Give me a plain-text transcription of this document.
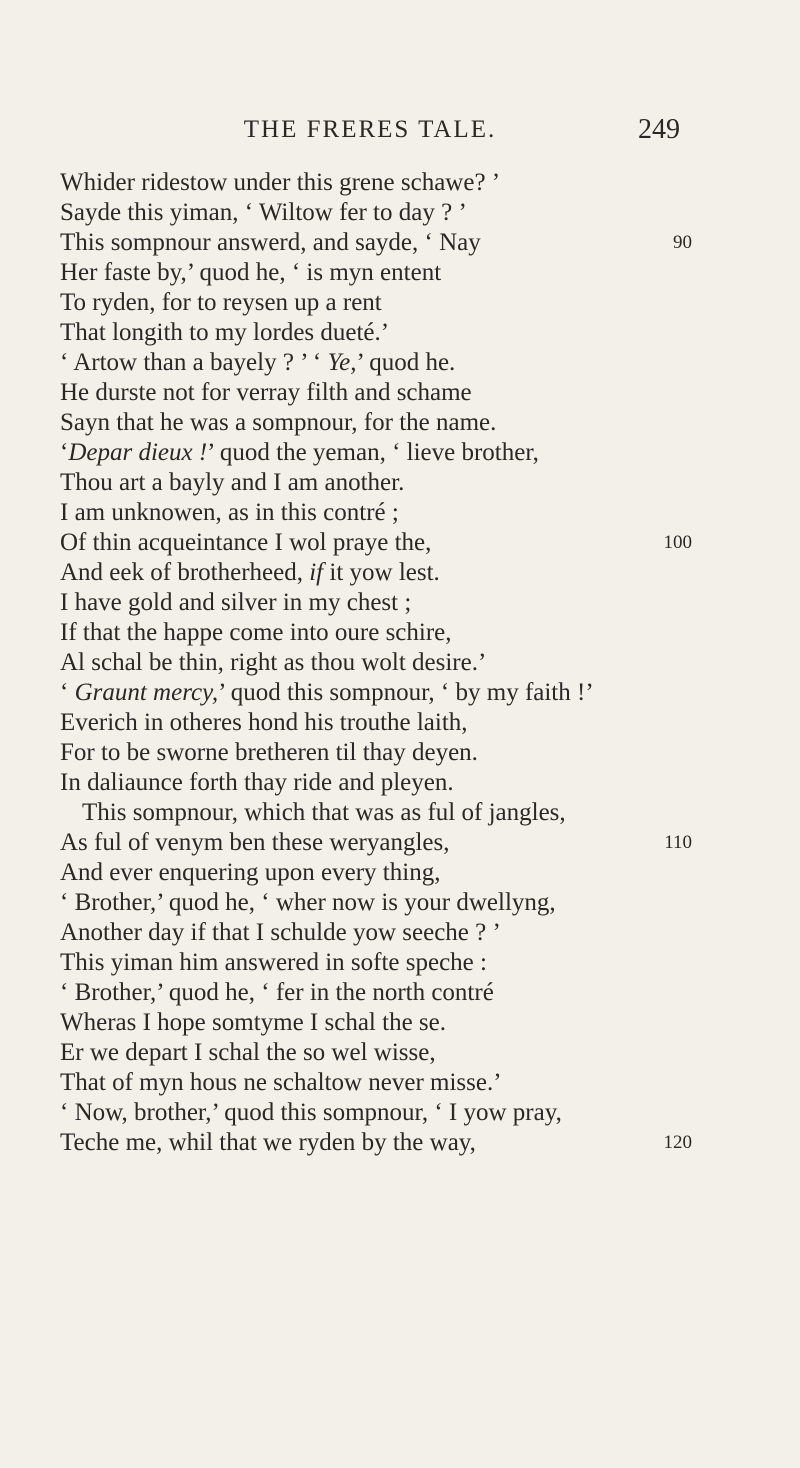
THE FRERES TALE.	249
Whider ridestow under this grene schawe? ’
Sayde this yiman, ‘ Wiltow fer to day ? ’
This sompnour answerd, and sayde, ‘ Nay	90
Her faste by,’ quod he, ‘ is myn entent
To ryden, for to reysen up a rent
That longith to my lordes dueté.’
‘ Artow than a bayely ? ’ ‘ Ye,’ quod he.
He durste not for verray filth and schame
Sayn that he was a sompnour, for the name.
‘Depar dieux !’ quod the yeman, ‘ lieve brother,
Thou art a bayly and I am another.
I am unknowen, as in this contré ;
Of thin acqueintance I wol praye the,	100
And eek of brotherheed, if it yow lest.
I have gold and silver in my chest ;
If that the happe come into oure schire,
Al schal be thin, right as thou wolt desire.’
‘ Graunt mercy,’ quod this sompnour, ‘ by my faith !’
Everich in otheres hond his trouthe laith,
For to be sworne bretheren til thay deyen.
In daliaunce forth thay ride and pleyen.
This sompnour, which that was as ful of jangles,
As ful of venym ben these weryangles,	110
And ever enquering upon every thing,
‘ Brother,’ quod he, ‘ wher now is your dwellyng,
Another day if that I schulde yow seeche ? ’
This yiman him answered in softe speche :
‘ Brother,’ quod he, ‘ fer in the north contré
Wheras I hope somtyme I schal the se.
Er we depart I schal the so wel wisse,
That of myn hous ne schaltow never misse.’
‘ Now, brother,’ quod this sompnour, ‘ I yow pray,
Teche me, whil that we ryden by the way,	120
